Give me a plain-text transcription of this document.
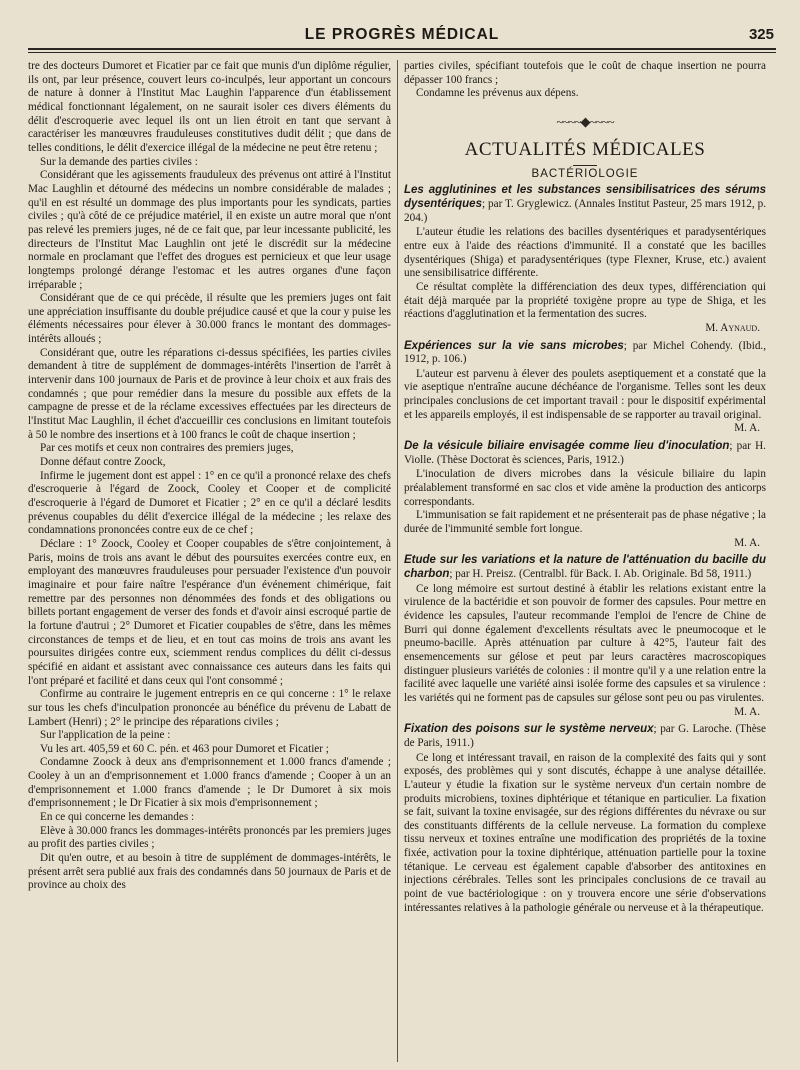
LE PROGRÈS MÉDICAL	325

tre des docteurs Dumoret et Ficatier par ce fait que munis d'un diplôme régulier, ils ont, par leur présence, couvert leurs co-inculpés, leur apportant un concours de nature à donner à l'Institut Mac Laughin l'apparence d'un établissement médical fonctionnant légalement, on ne saurait isoler ces divers éléments du délit d'escroquerie avec lequel ils ont un lien étroit en tant que servant à caractériser les manœuvres frauduleuses constitutives dudit délit ; que dans de telles conditions, le délit d'exercice illégal de la médecine ne peut être retenu ;

Sur la demande des parties civiles :

Considérant que les agissements frauduleux des prévenus ont attiré à l'Institut Mac Laughlin et détourné des médecins un nombre considérable de malades ; qu'il en est résulté un dommage des plus importants pour les syndicats, parties civiles ; qu'à côté de ce préjudice matériel, il en existe un autre moral que n'ont pas relevé les premiers juges, né de ce fait que, par leur incessante publicité, les directeurs de l'Institut Mac Laughlin ont jeté le discrédit sur la médecine normale en proclamant que l'effet des drogues est pernicieux et que leur usage longtemps prolongé dérange l'estomac et les autres organes d'une façon irréparable ;

Considérant que de ce qui précède, il résulte que les premiers juges ont fait une appréciation insuffisante du double préjudice causé et que la cour y puise les éléments nécessaires pour élever à 30.000 francs le montant des dommages-intérêts alloués ;

Considérant que, outre les réparations ci-dessus spécifiées, les parties civiles demandent à titre de supplément de dommages-intérêts l'insertion de l'arrêt à intervenir dans 100 journaux de Paris et de province à leur choix et aux frais des condamnés ; que pour remédier dans la mesure du possible aux effets de la campagne de presse et de la réclame excessives effectuées par les directeurs de l'Institut Mac Laughlin, il échet d'accueillir ces conclusions en limitant toutefois à 50 le nombre des insertions et à 100 francs le coût de chaque insertion ;

Par ces motifs et ceux non contraires des premiers juges,

Donne défaut contre Zoock,

Infirme le jugement dont est appel : 1° en ce qu'il a prononcé relaxe des chefs d'escroquerie à l'égard de Zoock, Cooley et Cooper et de complicité d'escroquerie à l'égard de Dumoret et Ficatier ; 2° en ce qu'il a déclaré lesdits prévenus coupables du délit d'exercice illégal de la médecine ; les relaxe des condamnations prononcées contre eux de ce chef ;

Déclare : 1° Zoock, Cooley et Cooper coupables de s'être conjointement, à Paris, moins de trois ans avant le début des poursuites exercées contre eux, en employant des manœuvres frauduleuses pour persuader l'existence d'un pouvoir imaginaire et pour faire naître l'espérance d'un événement chimérique, fait remettre par des personnes non dénommées des fonds et des obligations ou billets portant engagement de verser des fonds et d'avoir ainsi escroqué partie de la fortune d'autrui ; 2° Dumoret et Ficatier coupables de s'être, dans les mêmes circonstances de temps et de lieu, et en tout cas moins de trois ans avant les poursuites dirigées contre eux, sciemment rendus complices du délit ci-dessus spécifié en aidant et assistant avec connaissance ces auteurs dans les faits qui l'ont préparé et facilité et dans ceux qui l'ont consommé ;

Confirme au contraire le jugement entrepris en ce qui concerne : 1° le relaxe sur tous les chefs d'inculpation prononcée au bénéfice du prévenu de Labatt de Lambert (Henri) ; 2° le principe des réparations civiles ;

Sur l'application de la peine :

Vu les art. 405,59 et 60 C. pén. et 463 pour Dumoret et Ficatier ;

Condamne Zoock à deux ans d'emprisonnement et 1.000 francs d'amende ; Cooley à un an d'emprisonnement et 1.000 francs d'amende ; Cooper à un an d'emprisonnement et 1.000 francs d'amende ; le Dr Dumoret à six mois d'emprisonnement ; le Dr Ficatier à six mois d'emprisonnement ;

En ce qui concerne les demandes :

Elève à 30.000 francs les dommages-intérêts prononcés par les premiers juges au profit des parties civiles ;

Dit qu'en outre, et au besoin à titre de supplément de dommages-intérêts, le présent arrêt sera publié aux frais des condamnés dans 50 journaux de Paris et de province au choix des

parties civiles, spécifiant toutefois que le coût de chaque insertion ne pourra dépasser 100 francs ;

Condamne les prévenus aux dépens.

~~~~◆~~~~
ACTUALITÉS MÉDICALES
BACTÉRIOLOGIE

Les agglutinines et les substances sensibilisatrices des sérums dysentériques; par T. Gryglewicz. (Annales Institut Pasteur, 25 mars 1912, p. 204.)

L'auteur étudie les relations des bacilles dysentériques et paradysentériques entre eux à l'aide des réactions d'immunité. Il a constaté que les bacilles dysentériques (Shiga) et paradysentériques (type Flexner, Kruse, etc.) avaient une sensibilisatrice différente.

Ce résultat complète la différenciation des deux types, différenciation qui était déjà marquée par la propriété toxigène propre au type de Shiga, et les réactions d'agglutination et la fermentation des sucres.

M. Aynaud.

Expériences sur la vie sans microbes; par Michel Cohendy. (Ibid., 1912, p. 106.)

L'auteur est parvenu à élever des poulets aseptiquement et a constaté que la vie aseptique n'entraîne aucune déchéance de l'organisme. Telles sont les deux principales conclusions de cet important travail : pour le dispositif expérimental et les appareils employés, il est indispensable de se rapporter au travail original.

M. A.

De la vésicule biliaire envisagée comme lieu d'inoculation; par H. Violle. (Thèse Doctorat ès sciences, Paris, 1912.)

L'inoculation de divers microbes dans la vésicule biliaire du lapin préalablement transformé en sac clos et vide amène la production des anticorps correspondants.

L'immunisation se fait rapidement et ne présenterait pas de phase négative ; la durée de l'immunité semble fort longue.

M. A.

Etude sur les variations et la nature de l'atténuation du bacille du charbon; par H. Preisz. (Centralbl. für Back. I. Ab. Originale. Bd 58, 1911.)

Ce long mémoire est surtout destiné à établir les relations existant entre la virulence de la bactéridie et son pouvoir de former des capsules. Pour mettre en évidence les capsules, l'auteur recommande l'emploi de l'encre de Chine de Burri qui donne également d'excellents résultats avec le pneumocoque et le pneumo-bacille. Après atténuation par culture à 42°5, l'auteur fait des ensemencements sur gélose et peut par leurs caractères macroscopiques distinguer plusieurs variétés de colonies : il montre qu'il y a une relation entre la facilité avec laquelle une variété ainsi isolée forme des capsules et sa virulence : les variétés qui ne forment pas de capsules sur gélose sont peu ou pas virulentes.

M. A.

Fixation des poisons sur le système nerveux; par G. Laroche. (Thèse de Paris, 1911.)

Ce long et intéressant travail, en raison de la complexité des faits qui y sont exposés, des problèmes qui y sont discutés, échappe à une analyse détaillée. L'auteur y étudie la fixation sur le système nerveux d'un certain nombre de produits microbiens, toxines diphtérique et tétanique en particulier. La fixation se fait, suivant la toxine envisagée, sur des régions différentes du névraxe ou sur des constituants différents de la cellule nerveuse. La formation du complexe tissu nerveux et toxines entraîne une modification des propriétés de la toxine fixée, activation pour la toxine diphtérique, atténuation partielle pour la toxine tétanique. Le cerveau est également capable d'absorber des antitoxines en injections cérébrales. Telles sont les principales conclusions de ce travail au point de vue bactériologique : on y trouvera encore une série d'observations intéressantes relatives à la pathologie générale ou nerveuse et à la thérapeutique.
